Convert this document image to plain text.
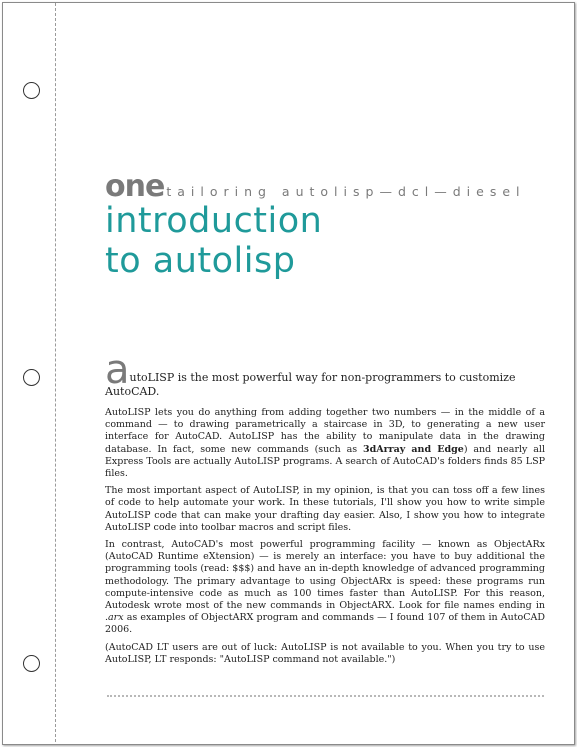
one tailoring autolisp—dcl—diesel
introduction
to autolisp
autoLISP is the most powerful way for non-programmers to customize AutoCAD.

AutoLISP lets you do anything from adding together two numbers — in the middle of a command — to drawing parametrically a staircase in 3D, to generating a new user interface for AutoCAD. AutoLISP has the ability to manipulate data in the drawing database. In fact, some new commands (such as 3dArray and Edge) and nearly all Express Tools are actually AutoLISP programs. A search of AutoCAD's folders finds 85 LSP files.

The most important aspect of AutoLISP, in my opinion, is that you can toss off a few lines of code to help automate your work. In these tutorials, I'll show you how to write simple AutoLISP code that can make your drafting day easier. Also, I show you how to integrate AutoLISP code into toolbar macros and script files.

In contrast, AutoCAD's most powerful programming facility — known as ObjectARx (AutoCAD Runtime eXtension) — is merely an interface: you have to buy additional the programming tools (read: $$$) and have an in-depth knowledge of advanced programming methodology. The primary advantage to using ObjectARx is speed: these programs run compute-intensive code as much as 100 times faster than AutoLISP. For this reason, Autodesk wrote most of the new commands in ObjectARX. Look for file names ending in .arx as examples of ObjectARX program and commands — I found 107 of them in AutoCAD 2006.

(AutoCAD LT users are out of luck: AutoLISP is not available to you. When you try to use AutoLISP, LT responds: "AutoLISP command not available.")
